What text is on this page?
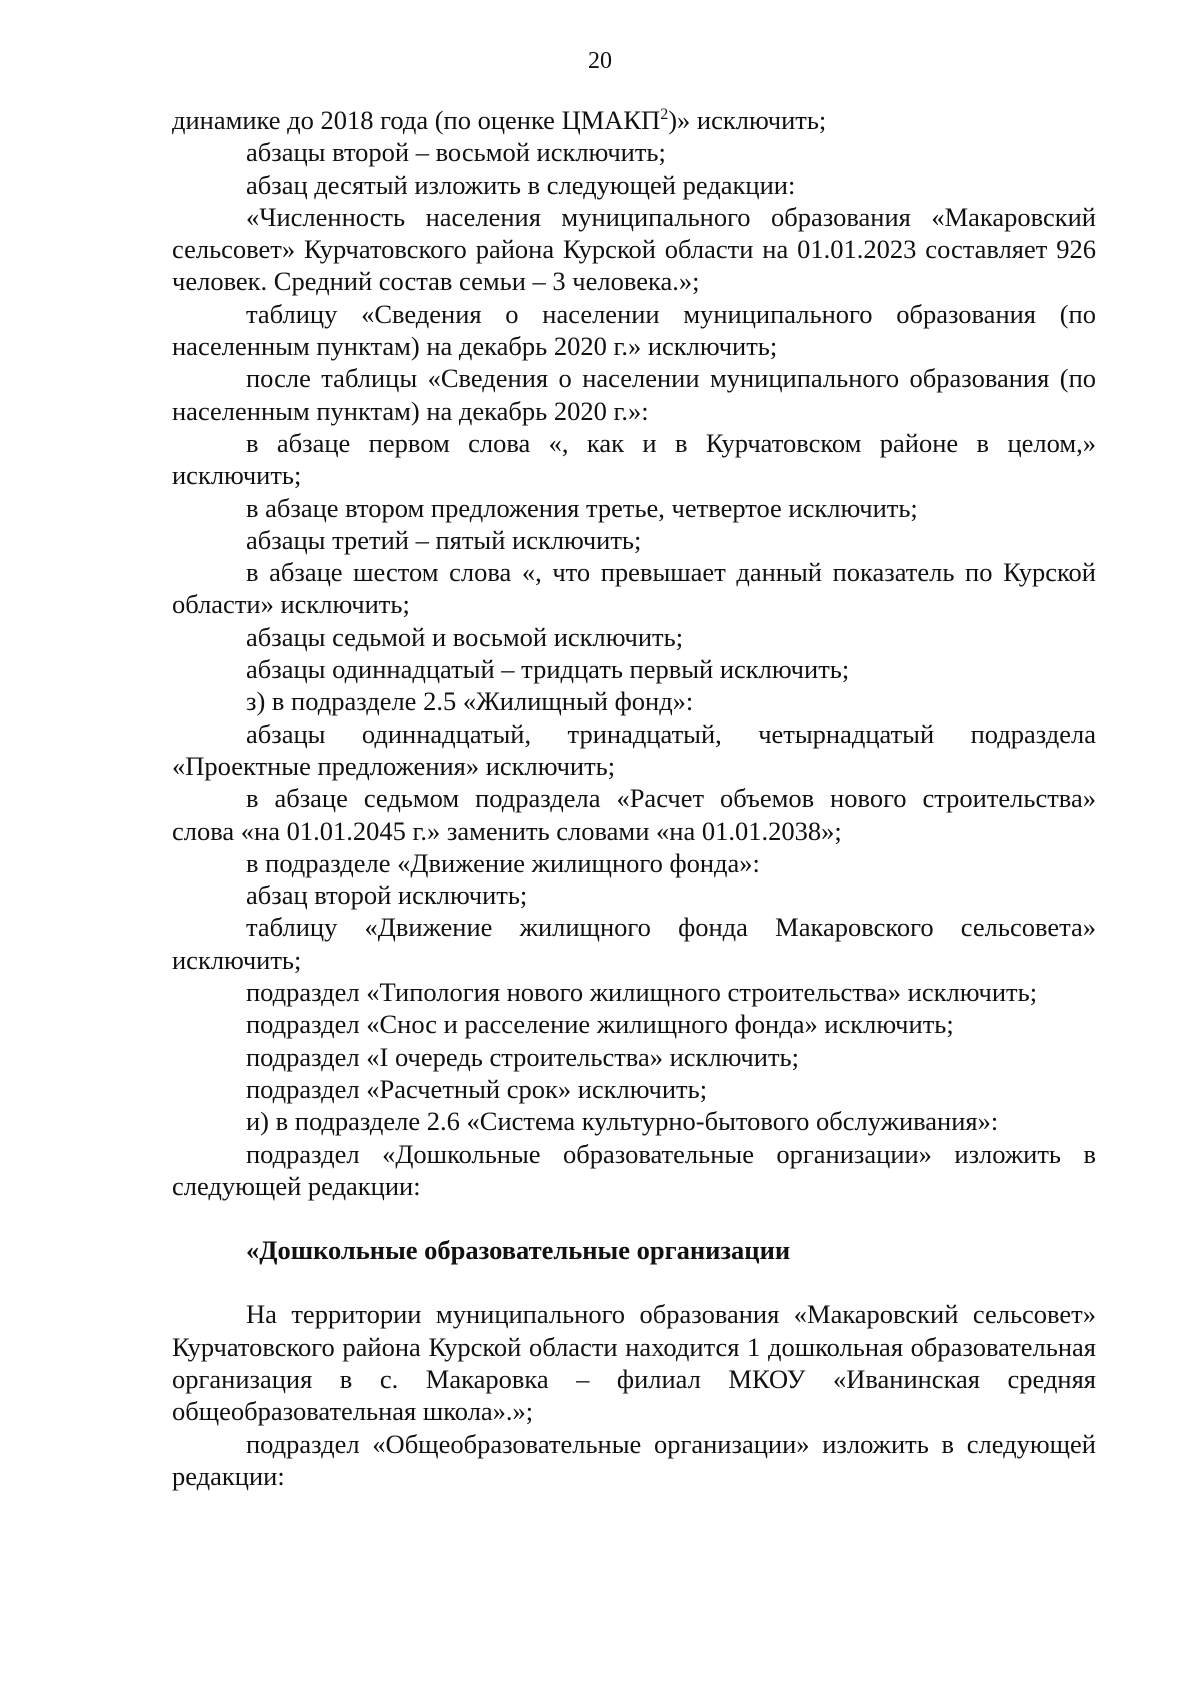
20

динамике до 2018 года (по оценке ЦМАКП$^2$)» исключить;

абзацы второй – восьмой исключить;

абзац десятый изложить в следующей редакции:

«Численность населения муниципального образования «Макаровский сельсовет» Курчатовского района Курской области на 01.01.2023 составляет 926 человек. Средний состав семьи – 3 человека.»;

таблицу «Сведения о населении муниципального образования (по населенным пунктам) на декабрь 2020 г.» исключить;

после таблицы «Сведения о населении муниципального образования (по населенным пунктам) на декабрь 2020 г.»:

в абзаце первом слова «, как и в Курчатовском районе в целом,» исключить;

в абзаце втором предложения третье, четвертое исключить;

абзацы третий – пятый исключить;

в абзаце шестом слова «, что превышает данный показатель по Курской области» исключить;

абзацы седьмой и восьмой исключить;

абзацы одиннадцатый – тридцать первый исключить;

з) в подразделе 2.5 «Жилищный фонд»:

абзацы одиннадцатый, тринадцатый, четырнадцатый подраздела «Проектные предложения» исключить;

в абзаце седьмом подраздела «Расчет объемов нового строительства» слова «на 01.01.2045 г.» заменить словами «на 01.01.2038»;

в подразделе «Движение жилищного фонда»:

абзац второй исключить;

таблицу «Движение жилищного фонда Макаровского сельсовета» исключить;

подраздел «Типология нового жилищного строительства» исключить;

подраздел «Снос и расселение жилищного фонда» исключить;

подраздел «I очередь строительства» исключить;

подраздел «Расчетный срок» исключить;

и) в подразделе 2.6 «Система культурно-бытового обслуживания»:

подраздел «Дошкольные образовательные организации» изложить в следующей редакции:

«Дошкольные образовательные организации

На территории муниципального образования «Макаровский сельсовет» Курчатовского района Курской области находится 1 дошкольная образовательная организация в с. Макаровка – филиал МКОУ «Иванинская средняя общеобразовательная школа».»;

подраздел «Общеобразовательные организации» изложить в следующей редакции:
